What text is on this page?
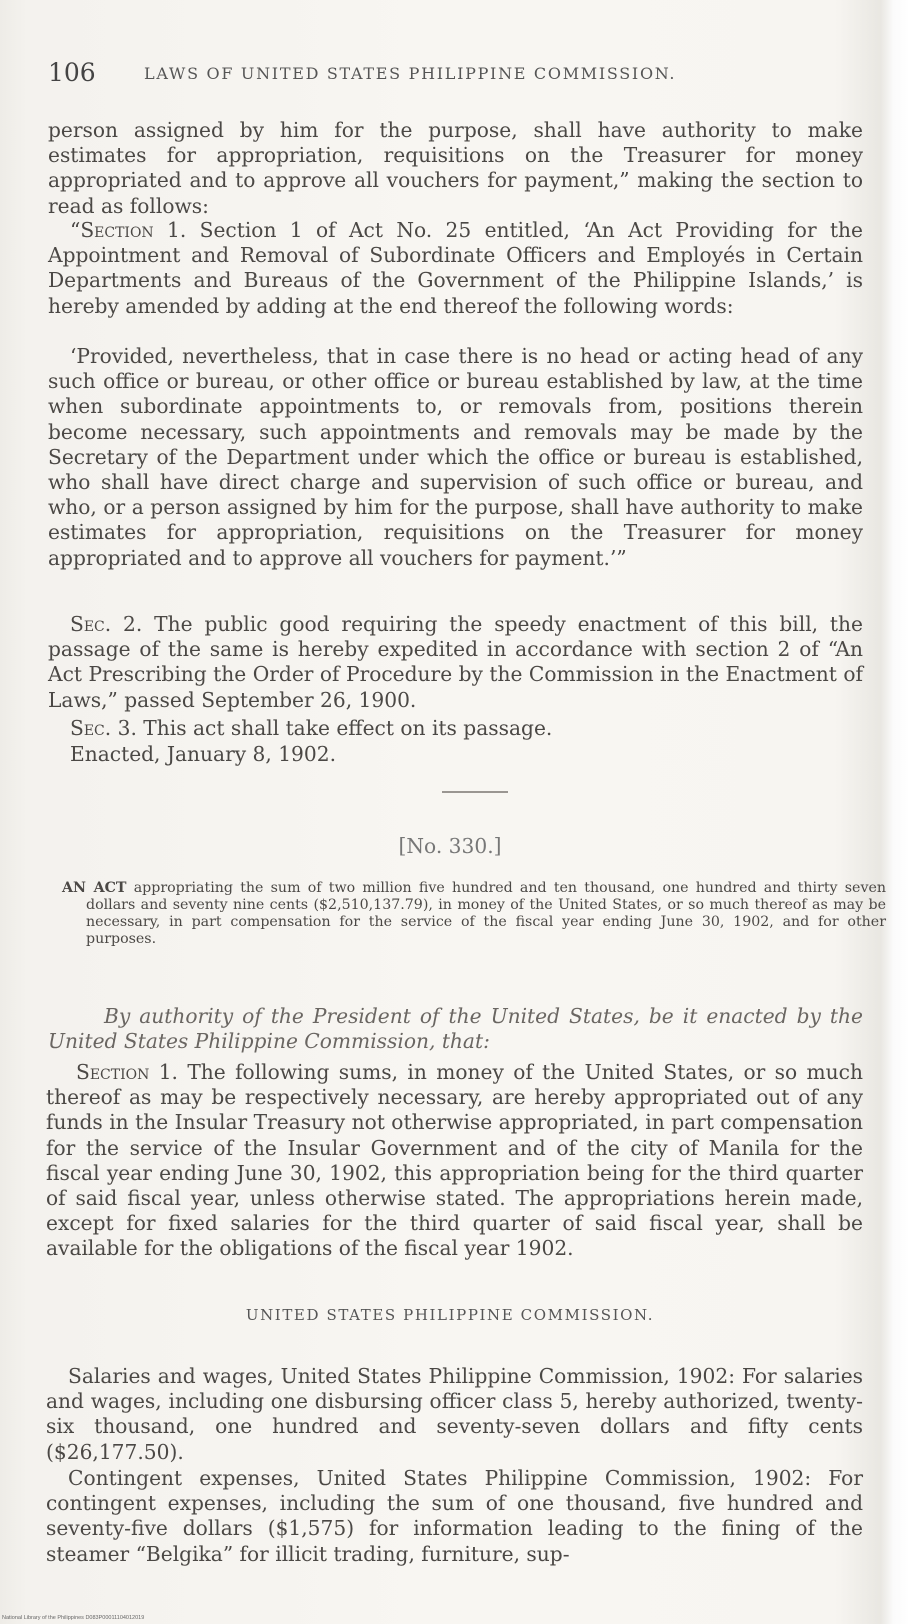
106	LAWS OF UNITED STATES PHILIPPINE COMMISSION.

person assigned by him for the purpose, shall have authority to make estimates for appropriation, requisitions on the Treasurer for money appropriated and to approve all vouchers for payment,” making the section to read as follows:

“Section 1. Section 1 of Act No. 25 entitled, ‘An Act Providing for the Appointment and Removal of Subordinate Officers and Employés in Certain Departments and Bureaus of the Government of the Philippine Islands,’ is hereby amended by adding at the end thereof the following words:

‘Provided, nevertheless, that in case there is no head or acting head of any such office or bureau, or other office or bureau established by law, at the time when subordinate appointments to, or removals from, positions therein become necessary, such appointments and removals may be made by the Secretary of the Department under which the office or bureau is established, who shall have direct charge and supervision of such office or bureau, and who, or a person assigned by him for the purpose, shall have authority to make estimates for appropriation, requisitions on the Treasurer for money appropriated and to approve all vouchers for payment.’”

Sec. 2. The public good requiring the speedy enactment of this bill, the passage of the same is hereby expedited in accordance with section 2 of “An Act Prescribing the Order of Procedure by the Commission in the Enactment of Laws,” passed September 26, 1900.

Sec. 3. This act shall take effect on its passage.

Enacted, January 8, 1902.

[No. 330.]

AN ACT appropriating the sum of two million five hundred and ten thousand, one hundred and thirty seven dollars and seventy nine cents ($2,510,137.79), in money of the United States, or so much thereof as may be necessary, in part compensation for the service of the fiscal year ending June 30, 1902, and for other purposes.

By authority of the President of the United States, be it enacted by the United States Philippine Commission, that:

Section 1. The following sums, in money of the United States, or so much thereof as may be respectively necessary, are hereby appropriated out of any funds in the Insular Treasury not otherwise appropriated, in part compensation for the service of the Insular Government and of the city of Manila for the fiscal year ending June 30, 1902, this appropriation being for the third quarter of said fiscal year, unless otherwise stated. The appropriations herein made, except for fixed salaries for the third quarter of said fiscal year, shall be available for the obligations of the fiscal year 1902.

UNITED STATES PHILIPPINE COMMISSION.

Salaries and wages, United States Philippine Commission, 1902: For salaries and wages, including one disbursing officer class 5, hereby authorized, twenty-six thousand, one hundred and seventy-seven dollars and fifty cents ($26,177.50).

Contingent expenses, United States Philippine Commission, 1902: For contingent expenses, including the sum of one thousand, five hundred and seventy-five dollars ($1,575) for information leading to the fining of the steamer “Belgika” for illicit trading, furniture, sup-

National Library of the Philippines D083P00011104012019
